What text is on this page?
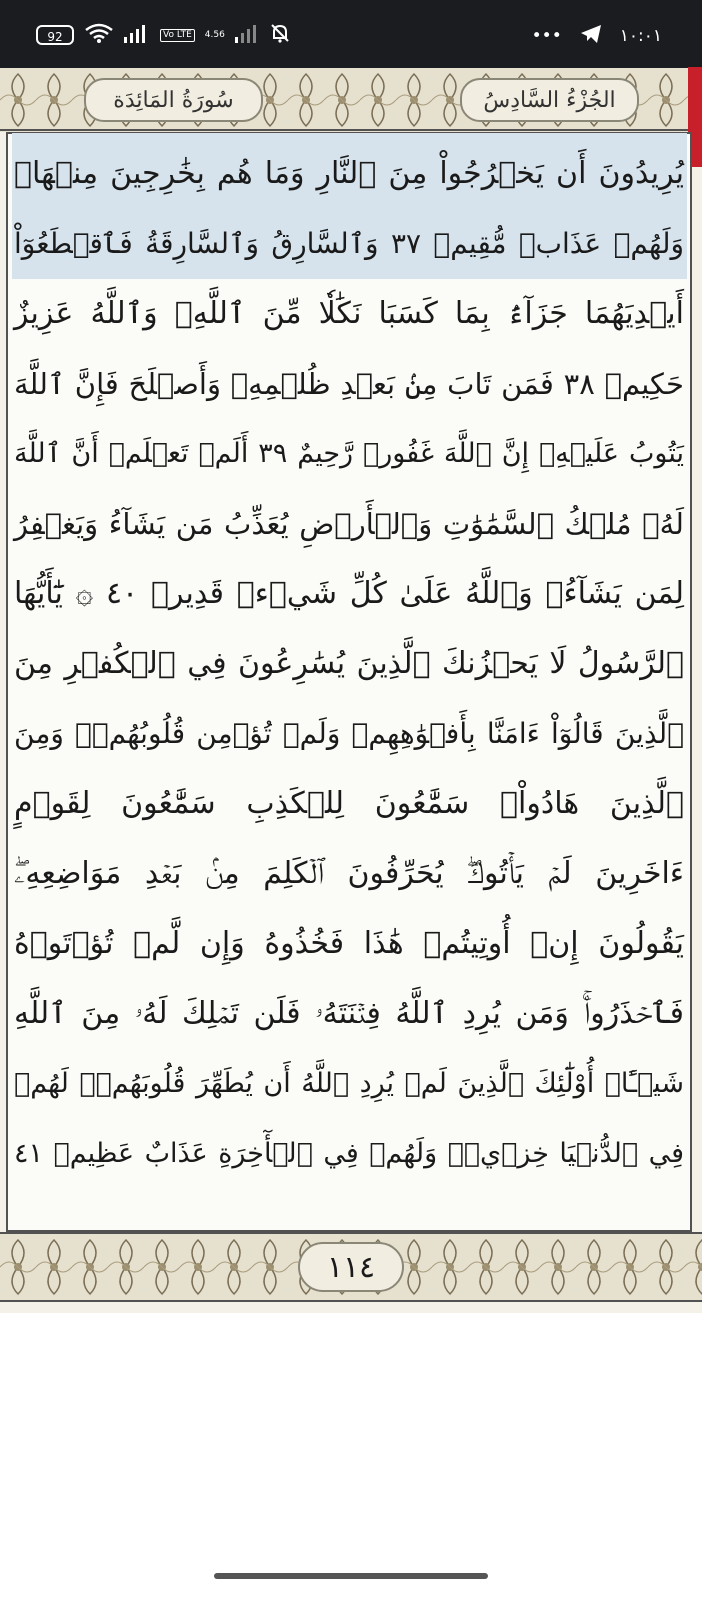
92	Vo LTE	4.56	•••	١٠:٠١
الجُزْءُ السَّادِسُ
سُورَةُ المَائِدَة
يُرِيدُونَ أَن يَخۡرُجُواْ مِنَ ٱلنَّارِ وَمَا هُم بِخَٰرِجِينَ مِنۡهَاۖ
وَلَهُمۡ عَذَابٞ مُّقِيمٞ ٣٧ وَٱلسَّارِقُ وَٱلسَّارِقَةُ فَٱقۡطَعُوٓاْ
أَيۡدِيَهُمَا جَزَآءَۢ بِمَا كَسَبَا نَكَٰلٗا مِّنَ ٱللَّهِۗ وَٱللَّهُ عَزِيزٌ
حَكِيمٞ ٣٨ فَمَن تَابَ مِنۢ بَعۡدِ ظُلۡمِهِۦ وَأَصۡلَحَ فَإِنَّ ٱللَّهَ
يَتُوبُ عَلَيۡهِۚ إِنَّ ٱللَّهَ غَفُورٞ رَّحِيمٌ ٣٩ أَلَمۡ تَعۡلَمۡ أَنَّ ٱللَّهَ
لَهُۥ مُلۡكُ ٱلسَّمَٰوَٰتِ وَٱلۡأَرۡضِ يُعَذِّبُ مَن يَشَآءُ وَيَغۡفِرُ
لِمَن يَشَآءُۗ وَٱللَّهُ عَلَىٰ كُلِّ شَيۡءٖ قَدِيرٞ ٤٠ ۞ يَٰٓأَيُّهَا
ٱلرَّسُولُ لَا يَحۡزُنكَ ٱلَّذِينَ يُسَٰرِعُونَ فِي ٱلۡكُفۡرِ مِنَ
ٱلَّذِينَ قَالُوٓاْ ءَامَنَّا بِأَفۡوَٰهِهِمۡ وَلَمۡ تُؤۡمِن قُلُوبُهُمۡۛ وَمِنَ
ٱلَّذِينَ هَادُواْۛ سَمَّٰعُونَ لِلۡكَذِبِ سَمَّٰعُونَ لِقَوۡمٍ
ءَاخَرِينَ لَمۡ يَأۡتُوكَۖ يُحَرِّفُونَ ٱلۡكَلِمَ مِنۢ بَعۡدِ مَوَاضِعِهِۦۖ
يَقُولُونَ إِنۡ أُوتِيتُمۡ هَٰذَا فَخُذُوهُ وَإِن لَّمۡ تُؤۡتَوۡهُ
فَٱحۡذَرُواْۚ وَمَن يُرِدِ ٱللَّهُ فِتۡنَتَهُۥ فَلَن تَمۡلِكَ لَهُۥ مِنَ ٱللَّهِ
شَيۡـًٔاۚ أُوْلَٰٓئِكَ ٱلَّذِينَ لَمۡ يُرِدِ ٱللَّهُ أَن يُطَهِّرَ قُلُوبَهُمۡۚ لَهُمۡ
فِي ٱلدُّنۡيَا خِزۡيٞۖ وَلَهُمۡ فِي ٱلۡأٓخِرَةِ عَذَابٌ عَظِيمٞ ٤١
١١٤
